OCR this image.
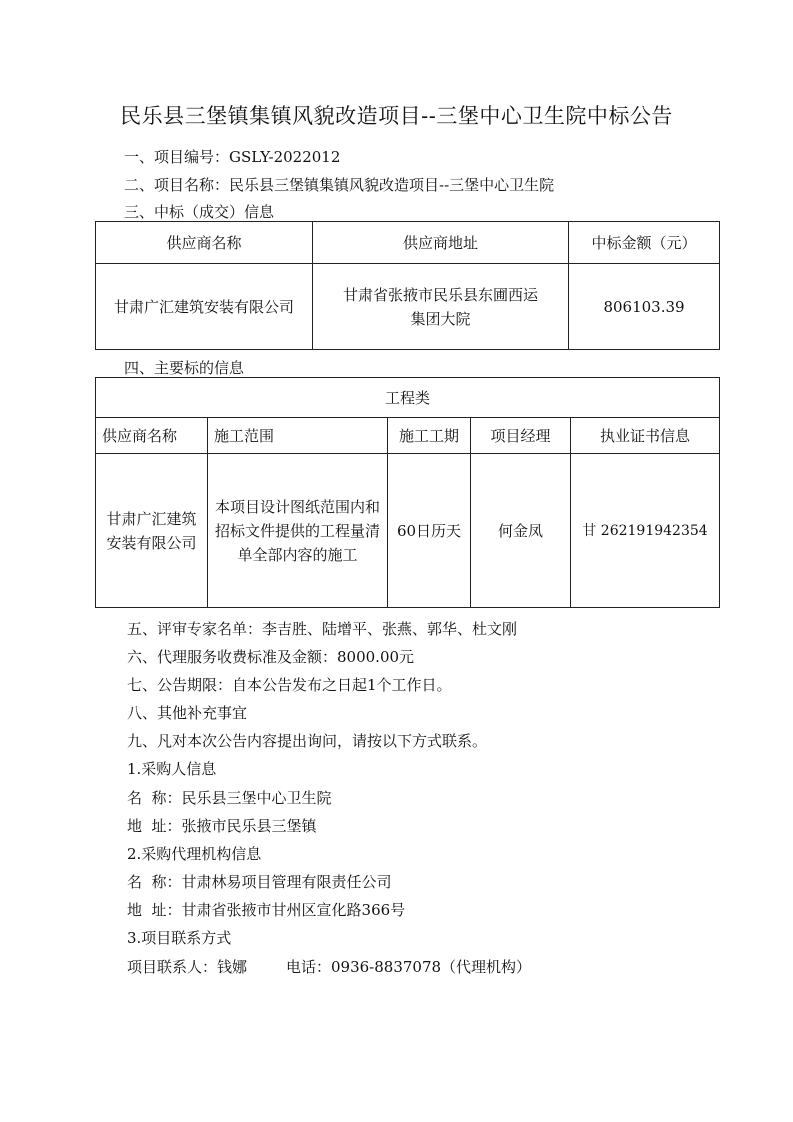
民乐县三堡镇集镇风貌改造项目--三堡中心卫生院中标公告
一、项目编号：GSLY-2022012
二、项目名称：民乐县三堡镇集镇风貌改造项目--三堡中心卫生院
三、中标（成交）信息
供应商名称	供应商地址	中标金额（元）
甘肃广汇建筑安装有限公司	甘肃省张掖市民乐县东圃西运集团大院	806103.39
四、主要标的信息
工程类				
供应商名称	施工范围	施工工期	项目经理	执业证书信息
甘肃广汇建筑安装有限公司	本项目设计图纸范围内和招标文件提供的工程量清单全部内容的施工	60日历天	何金凤	甘 262191942354
五、评审专家名单：李吉胜、陆增平、张燕、郭华、杜文刚
六、代理服务收费标准及金额：8000.00元
七、公告期限：自本公告发布之日起1个工作日。
八、其他补充事宜
九、凡对本次公告内容提出询问，请按以下方式联系。
1.采购人信息
名  称：民乐县三堡中心卫生院
地  址：张掖市民乐县三堡镇
2.采购代理机构信息
名  称：甘肃林易项目管理有限责任公司
地  址：甘肃省张掖市甘州区宣化路366号
3.项目联系方式
项目联系人：钱娜	电话：0936-8837078（代理机构）
